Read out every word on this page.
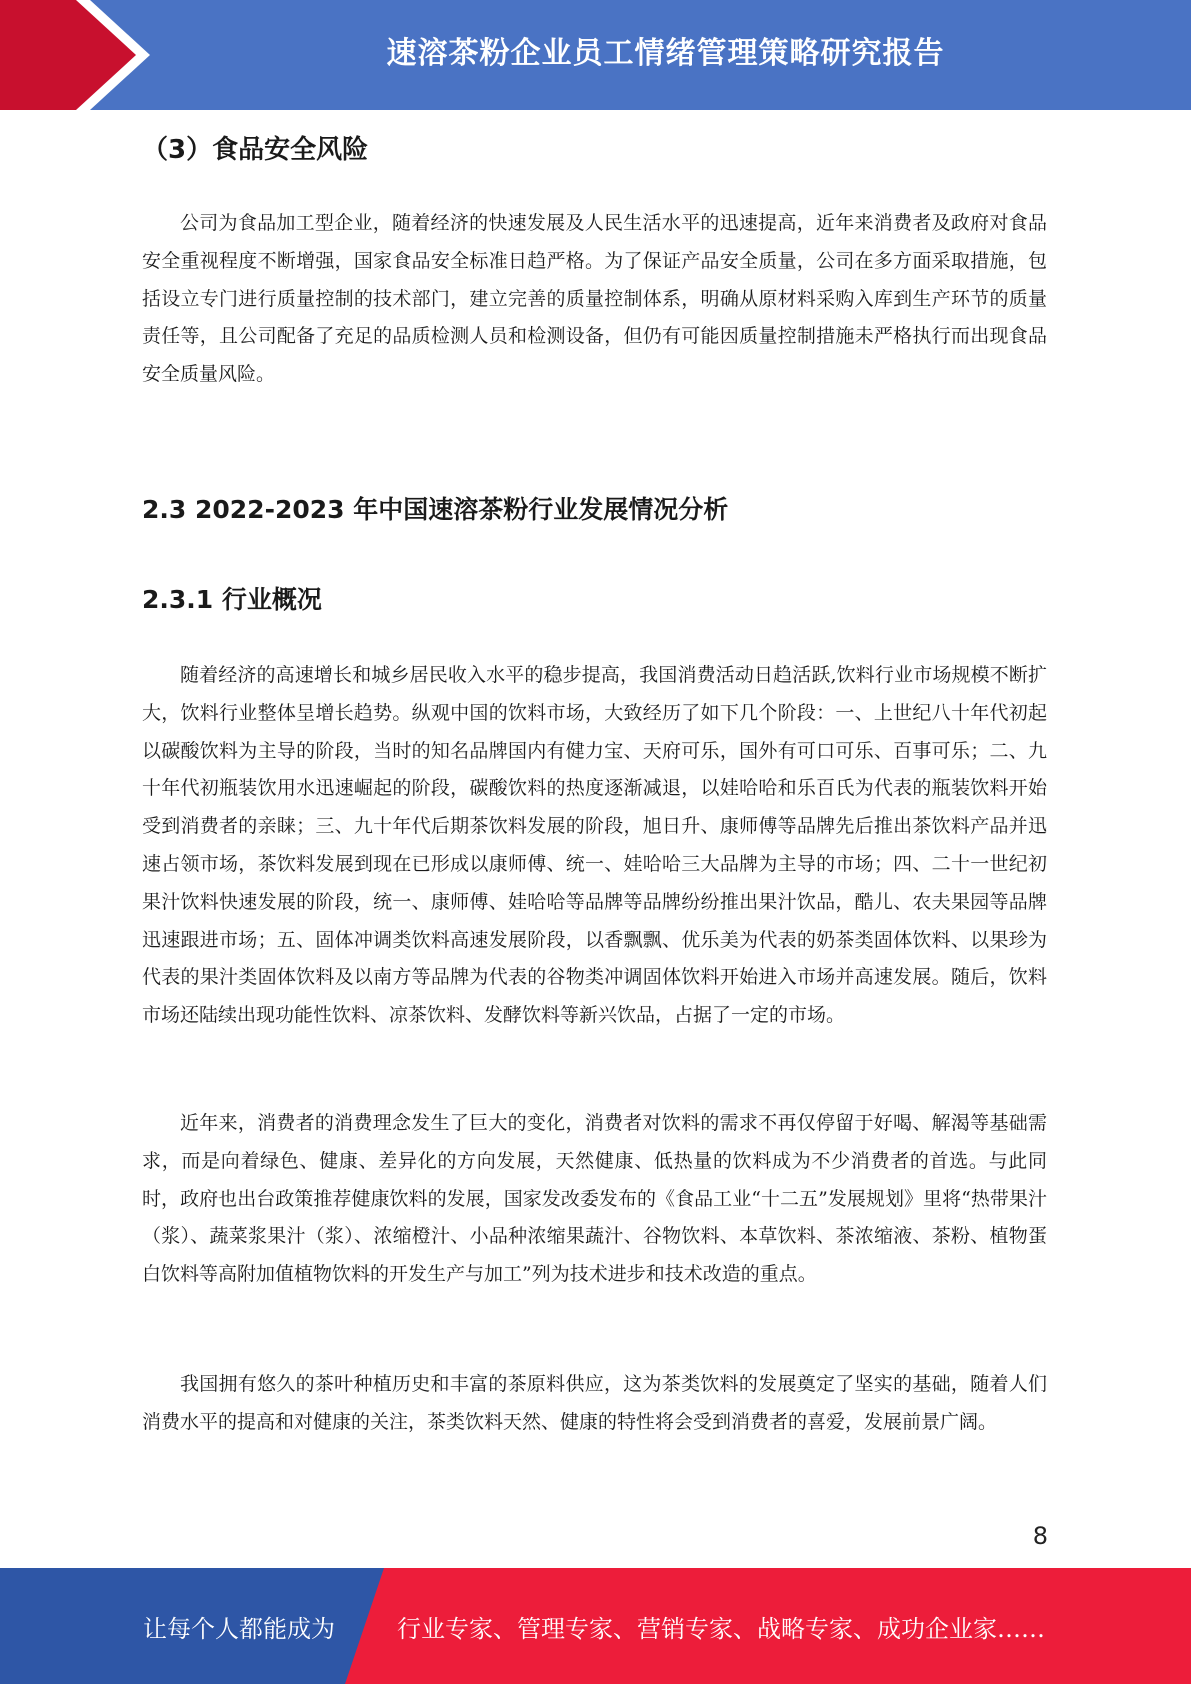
速溶茶粉企业员工情绪管理策略研究报告
（3）食品安全风险

公司为食品加工型企业，随着经济的快速发展及人民生活水平的迅速提高，近年来消费者及政府对食品安全重视程度不断增强，国家食品安全标准日趋严格。为了保证产品安全质量，公司在多方面采取措施，包括设立专门进行质量控制的技术部门，建立完善的质量控制体系，明确从原材料采购入库到生产环节的质量责任等，且公司配备了充足的品质检测人员和检测设备，但仍有可能因质量控制措施未严格执行而出现食品安全质量风险。

2.3 2022-2023 年中国速溶茶粉行业发展情况分析
2.3.1 行业概况

随着经济的高速增长和城乡居民收入水平的稳步提高，我国消费活动日趋活跃,饮料行业市场规模不断扩大，饮料行业整体呈增长趋势。纵观中国的饮料市场，大致经历了如下几个阶段：一、上世纪八十年代初起以碳酸饮料为主导的阶段，当时的知名品牌国内有健力宝、天府可乐，国外有可口可乐、百事可乐；二、九十年代初瓶装饮用水迅速崛起的阶段，碳酸饮料的热度逐渐减退，以娃哈哈和乐百氏为代表的瓶装饮料开始受到消费者的亲睐；三、九十年代后期茶饮料发展的阶段，旭日升、康师傅等品牌先后推出茶饮料产品并迅速占领市场，茶饮料发展到现在已形成以康师傅、统一、娃哈哈三大品牌为主导的市场；四、二十一世纪初果汁饮料快速发展的阶段，统一、康师傅、娃哈哈等品牌等品牌纷纷推出果汁饮品，酷儿、农夫果园等品牌迅速跟进市场；五、固体冲调类饮料高速发展阶段，以香飘飘、优乐美为代表的奶茶类固体饮料、以果珍为代表的果汁类固体饮料及以南方等品牌为代表的谷物类冲调固体饮料开始进入市场并高速发展。随后，饮料市场还陆续出现功能性饮料、凉茶饮料、发酵饮料等新兴饮品，占据了一定的市场。

近年来，消费者的消费理念发生了巨大的变化，消费者对饮料的需求不再仅停留于好喝、解渴等基础需求，而是向着绿色、健康、差异化的方向发展，天然健康、低热量的饮料成为不少消费者的首选。与此同时，政府也出台政策推荐健康饮料的发展，国家发改委发布的《食品工业“十二五”发展规划》里将“热带果汁（浆）、蔬菜浆果汁（浆）、浓缩橙汁、小品种浓缩果蔬汁、谷物饮料、本草饮料、茶浓缩液、茶粉、植物蛋白饮料等高附加值植物饮料的开发生产与加工”列为技术进步和技术改造的重点。

我国拥有悠久的茶叶种植历史和丰富的茶原料供应，这为茶类饮料的发展奠定了坚实的基础，随着人们消费水平的提高和对健康的关注，茶类饮料天然、健康的特性将会受到消费者的喜爱，发展前景广阔。

8
让每个人都能成为	行业专家、管理专家、营销专家、战略专家、成功企业家……
